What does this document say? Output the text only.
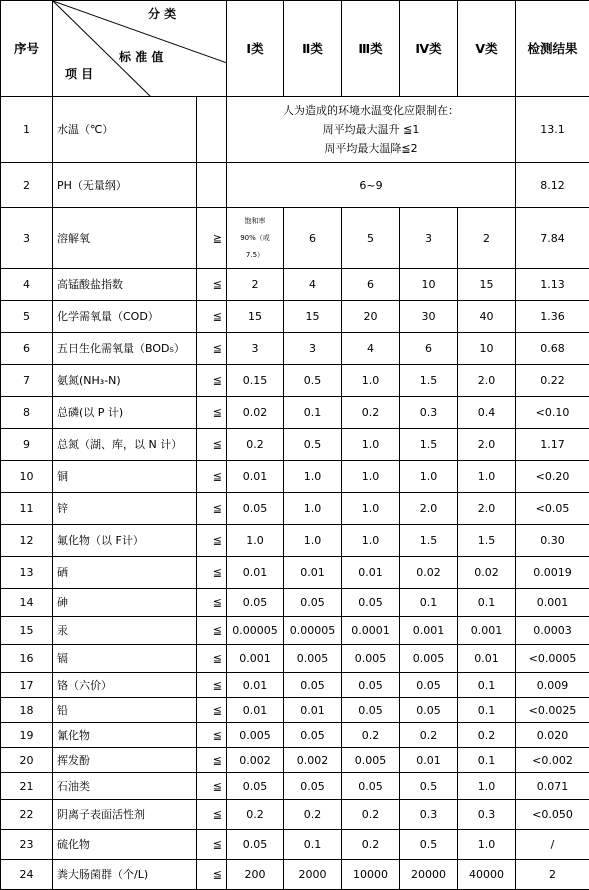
序号	分 类
标 准 值
项 目		Ⅰ类	Ⅱ类	Ⅲ类	Ⅳ类	Ⅴ类	检测结果
1	水温（℃）		人为造成的环境水温变化应限制在：
周平均最大温升 ≦1
周平均最大温降≦2					13.1
2	PH（无量纲）		6~9					8.12
3	溶解氧	≧	饱和率
90%（或
7.5）	6	5	3	2	7.84
4	高锰酸盐指数	≦	2	4	6	10	15	1.13
5	化学需氧量（COD）	≦	15	15	20	30	40	1.36
6	五日生化需氧量（BOD₅）	≦	3	3	4	6	10	0.68
7	氨氮(NH₃-N)	≦	0.15	0.5	1.0	1.5	2.0	0.22
8	总磷(以 P 计)	≦	0.02	0.1	0.2	0.3	0.4	<0.10
9	总氮（湖、库，以 N 计）	≦	0.2	0.5	1.0	1.5	2.0	1.17
10	铜	≦	0.01	1.0	1.0	1.0	1.0	<0.20
11	锌	≦	0.05	1.0	1.0	2.0	2.0	<0.05
12	氟化物（以 F计）	≦	1.0	1.0	1.0	1.5	1.5	0.30
13	硒	≦	0.01	0.01	0.01	0.02	0.02	0.0019
14	砷	≦	0.05	0.05	0.05	0.1	0.1	0.001
15	汞	≦	0.00005	0.00005	0.0001	0.001	0.001	0.0003
16	镉	≦	0.001	0.005	0.005	0.005	0.01	<0.0005
17	铬（六价）	≦	0.01	0.05	0.05	0.05	0.1	0.009
18	铅	≦	0.01	0.01	0.05	0.05	0.1	<0.0025
19	氰化物	≦	0.005	0.05	0.2	0.2	0.2	0.020
20	挥发酚	≦	0.002	0.002	0.005	0.01	0.1	<0.002
21	石油类	≦	0.05	0.05	0.05	0.5	1.0	0.071
22	阴离子表面活性剂	≦	0.2	0.2	0.2	0.3	0.3	<0.050
23	硫化物	≦	0.05	0.1	0.2	0.5	1.0	/
24	粪大肠菌群（个/L)	≦	200	2000	10000	20000	40000	2
